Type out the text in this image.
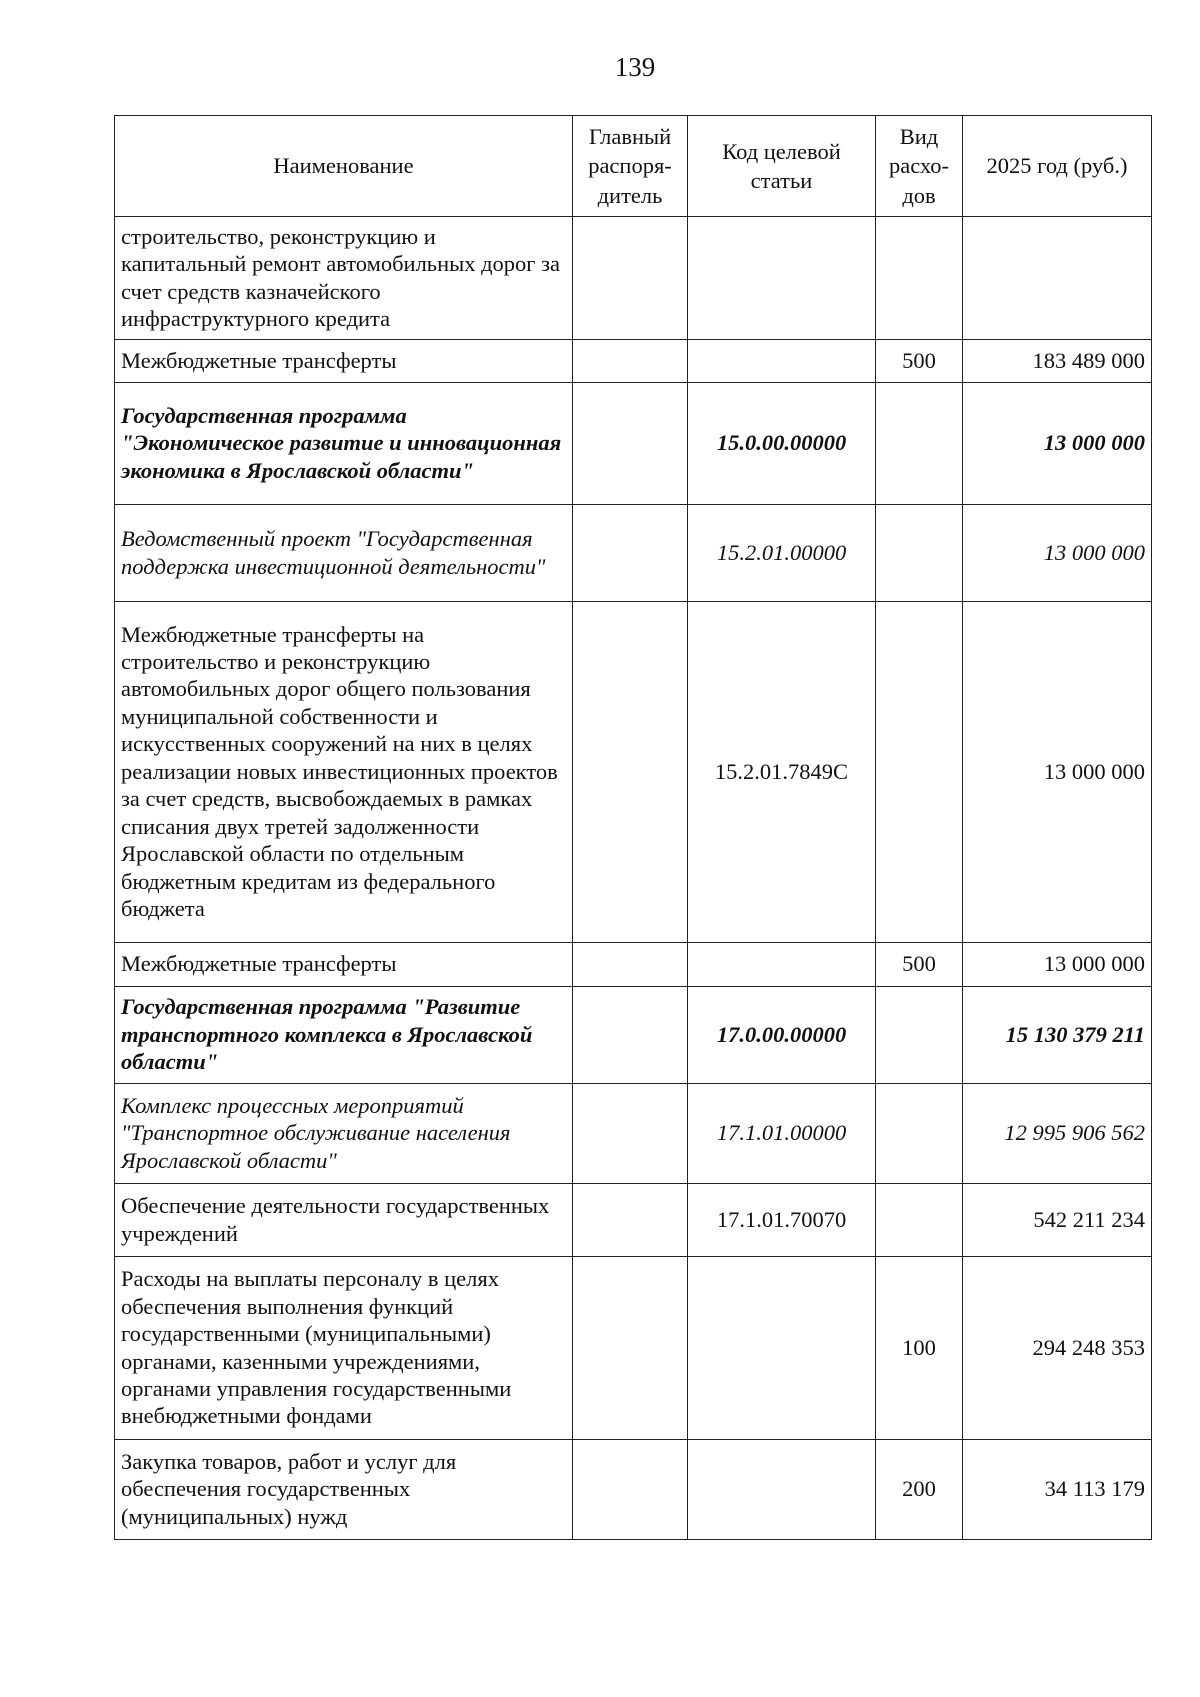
139
Наименование	Главный распоря-дитель	Код целевой статьи	Вид расхо-дов	2025 год (руб.)
строительство, реконструкцию и капитальный ремонт автомобильных дорог за счет средств казначейского инфраструктурного кредита				
Межбюджетные трансферты			500	183 489 000
Государственная программа "Экономическое развитие и инновационная экономика в Ярославской области"		15.0.00.00000		13 000 000
Ведомственный проект "Государственная поддержка инвестиционной деятельности"		15.2.01.00000		13 000 000
Межбюджетные трансферты на строительство и реконструкцию автомобильных дорог общего пользования муниципальной собственности и искусственных сооружений на них в целях реализации новых инвестиционных проектов за счет средств, высвобождаемых в рамках списания двух третей задолженности Ярославской области по отдельным бюджетным кредитам из федерального бюджета		15.2.01.7849С		13 000 000
Межбюджетные трансферты			500	13 000 000
Государственная программа "Развитие транспортного комплекса в Ярославской области"		17.0.00.00000		15 130 379 211
Комплекс процессных мероприятий "Транспортное обслуживание населения Ярославской области"		17.1.01.00000		12 995 906 562
Обеспечение деятельности государственных учреждений		17.1.01.70070		542 211 234
Расходы на выплаты персоналу в целях обеспечения выполнения функций государственными (муниципальными) органами, казенными учреждениями, органами управления государственными внебюджетными фондами			100	294 248 353
Закупка товаров, работ и услуг для обеспечения государственных (муниципальных) нужд			200	34 113 179
